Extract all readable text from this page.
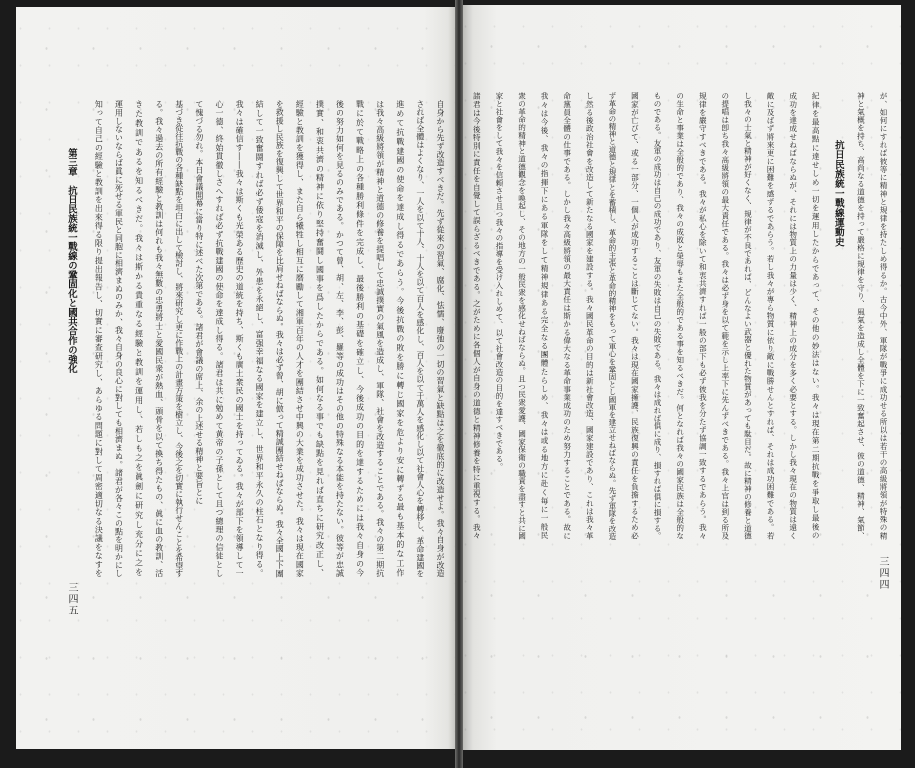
が、如何にすれば彼等に精神と規律を持たしめ得るか。古今中外、軍隊が戰爭に成功せる所以は若干の高級將領が特殊の精
神と氣概を持ち、高尚なる道德を持って嚴格に規律を守り、風氣を造成し全體を下に一致奮起させ、彼の道德、精神、氣節、
抗日民族統一戰線運動史
紀律を最高點に達せしめ一切を運用したからであって、その他の妙法はない。我々は現在第二期抗戰を爭取し最後の
成功を達成せねばならぬが、それには物質上の力量は少く、精神上の成分を多く必要とする。しかし我々現在の物質は遠く
敵に及ばず將來更に困難を感ずるであらう。若し我々が專ら物質に依り敵に戰勝せんとすれば、それは成功困難である。若
し我々の士氣と精神が好くなく、規律が不良であれば、どんなよい武器と優れた物質があっても駄目だ。故に精神の修養と道德
の提唱は卽ち我々高級將領の最大責任である。我々は必ず身を以て範を示し上率下に先んずべきである。我々上官は到る所及
規律を嚴守すべきである。我々が私心を除いて和衷共濟すれば一般の部下も必ず彼我を分たず協調一致するであらう。我々
の生命と事業は全般的であり、我々の成敗と榮辱もまた全般的である事を知るべきだ。何となれば我々の國家民族は全般的な
ものである。友軍の成功は自己の成功であり、友軍の失敗は自己の失敗である。我々は成れば俱に成り、損すれば俱に損する。
國家が亡びて、或る一部分、一個人が成功することは斷じてない。我々は現在國家擁護、民族復興の責任を負擔するため必
ず革命の精神と道德と規律とを蓄積し、革命的主張と革命的精神をもって軍心を鞏固とし國軍を建立せねばならぬ。先ず軍隊を改造
し然る後政治社會を改造して新たなる國家を建設する。我々國民革命の目的は新社會改造、國家建設であり、これは我々革
命黨員全體の仕事である。しかし我々高級將領の最大責任は斯かる偉大なる革命事業成功のため努力することである。故に
我々は今後、我々の指揮下にある軍隊をして精神規律ある完全なる團體たらしめ、我々は或る地方に赴く毎に一般民
衆の革命的精神と道德觀念を喚起し、その地方の一般民衆を感化せねばならぬ。且つ民衆愛護、國家保衛の職責を盡すと共に國
家と社會をして我々を信頼させ且つ我々の指導を受け入れしめて、以て社會改造の目的を達すべきである。
諸君は今後特別に責任を自覺して誤らざるべきである。之がために各個人が自身の道德と精神修養を特に重視する。我々
三四四
自身から先ず改造すべきだ。先ず從來の習氣、腐化、怯懦、廢弛の一切の習氣と缺點は之を徹底的に改造せよ。我々自身が改造
されば全體はよくなり、一人を以て十人、十人を以て百人を感化し、百人を以て千萬人を感化し以て社會人心を轉移し、革命建國を
進めて抗戰建國の使命を達成し得るであらう。今後抗戰の敗を勝に轉じ國家を危より安に轉ずる最も基本的な工作
は我々高級將領が精神と道德の修養を提唱して忠誠撲實の氣風を造成し、軍隊、社會を改造することである。我々の第二期抗
戰に於て戰略上の各種勝利條件を完成し、最後勝利の基礎を確立し、今後成功の目的を達するためには我々自身の今
後の努力如何を見るのみである。かつて曾、胡、左、李、彭、羅等の成功はその他の特殊なる本能を持たない。彼等が忠誠
撲實、和衷共濟の精神に依り堅持奮鬪し國事を爲したからである。如何なる事でも缺點を見れば直ちに研究改正し、
經驗と教訓を獲得し、また自ら犧牲し相互に磨勵して湘軍百年の人才を團結させ中興の大業を成功させた。我々は現在國家
を救援し民族を復興して世界和平の保障を比肩せねばならぬ。我々は必ず曾、胡に倣って精誠團結せねばならぬ。我々全國上下團
結して一致奮鬪すれば必ず倭寇を消滅し、外患を永絕し、富强幸福なる國家を建立し、世界和平永久の柱石となり得る。
我々は確信す――我々は斯くも光榮ある歷史の道統を持ち、斯くも廣土衆民の國土を持ってゐる。我々が部下を領導して一
心一德、終始貫徹しさへすれば必ず抗戰建國の使命を達成し得る。諸君は共に勉めて黄帝の子孫として且つ總理の信徒とし
て愧づる勿れ。本日會議開幕に當り特に述べた次第である。諸君が會議の席上、余の上述せる精神と要旨とに
基づき從往抗戰の各種缺點を坦白に出して檢討し、將來研究し更に作戰上の計畫方策を樹立し、今後之を切實に執行せんことを希望す
る。我々過去の所有經驗と教訓は何れも我々無數の忠勇將士と愛國民衆が熱血、頭骨を以て換ち得たもの、眞に血の教訓、活
きた教訓であるを知るべきだ。我々は斯かる貴重なる經驗と教訓を運用し、若しも之を眞劍に研究し充分に之を
運用しないならば眞に死せる軍民と同胞に相濟まぬのみか、我々自身の良心に對しても相濟まぬ。諸君が各々この點を明かにし
知って自己の經驗と教訓を出來得る限り提出報告し、切實に審查研究し、あらゆる問題に對して周密適切なる決議をなすを
第三章　抗日民族統一戰線の鞏固化と國共合作の強化
三四五
